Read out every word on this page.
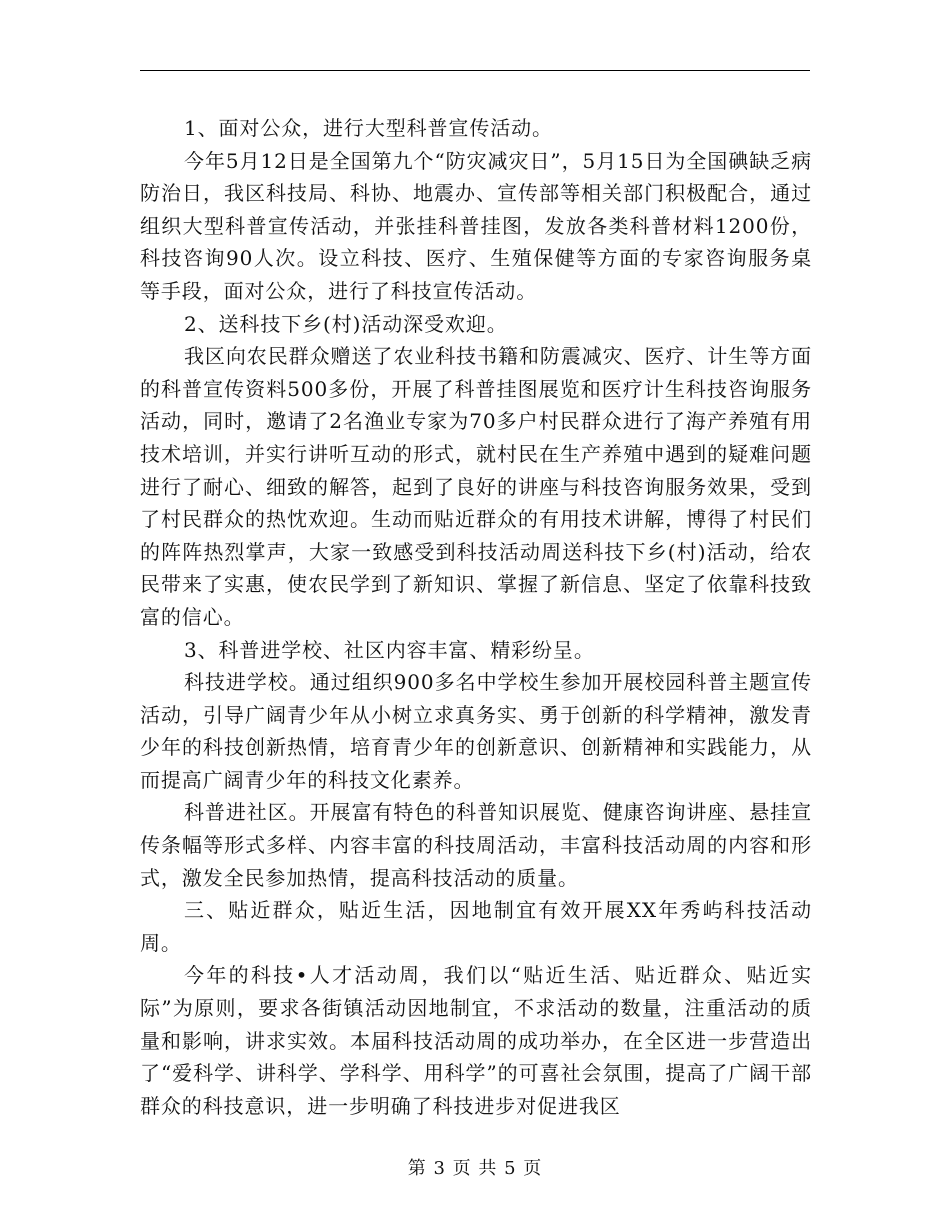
1、面对公众，进行大型科普宣传活动。

今年5月12日是全国第九个“防灾减灾日”，5月15日为全国碘缺乏病防治日，我区科技局、科协、地震办、宣传部等相关部门积极配合，通过组织大型科普宣传活动，并张挂科普挂图，发放各类科普材料1200份，科技咨询90人次。设立科技、医疗、生殖保健等方面的专家咨询服务桌等手段，面对公众，进行了科技宣传活动。

2、送科技下乡(村)活动深受欢迎。

我区向农民群众赠送了农业科技书籍和防震减灾、医疗、计生等方面的科普宣传资料500多份，开展了科普挂图展览和医疗计生科技咨询服务活动，同时，邀请了2名渔业专家为70多户村民群众进行了海产养殖有用技术培训，并实行讲听互动的形式，就村民在生产养殖中遇到的疑难问题进行了耐心、细致的解答，起到了良好的讲座与科技咨询服务效果，受到了村民群众的热忱欢迎。生动而贴近群众的有用技术讲解，博得了村民们的阵阵热烈掌声，大家一致感受到科技活动周送科技下乡(村)活动，给农民带来了实惠，使农民学到了新知识、掌握了新信息、坚定了依靠科技致富的信心。

3、科普进学校、社区内容丰富、精彩纷呈。

科技进学校。通过组织900多名中学校生参加开展校园科普主题宣传活动，引导广阔青少年从小树立求真务实、勇于创新的科学精神，激发青少年的科技创新热情，培育青少年的创新意识、创新精神和实践能力，从而提高广阔青少年的科技文化素养。

科普进社区。开展富有特色的科普知识展览、健康咨询讲座、悬挂宣传条幅等形式多样、内容丰富的科技周活动，丰富科技活动周的内容和形式，激发全民参加热情，提高科技活动的质量。

三、贴近群众，贴近生活，因地制宜有效开展XX年秀屿科技活动周。

今年的科技•人才活动周，我们以“贴近生活、贴近群众、贴近实际”为原则，要求各街镇活动因地制宜，不求活动的数量，注重活动的质量和影响，讲求实效。本届科技活动周的成功举办，在全区进一步营造出了“爱科学、讲科学、学科学、用科学”的可喜社会氛围，提高了广阔干部群众的科技意识，进一步明确了科技进步对促进我区

第 3 页 共 5 页
